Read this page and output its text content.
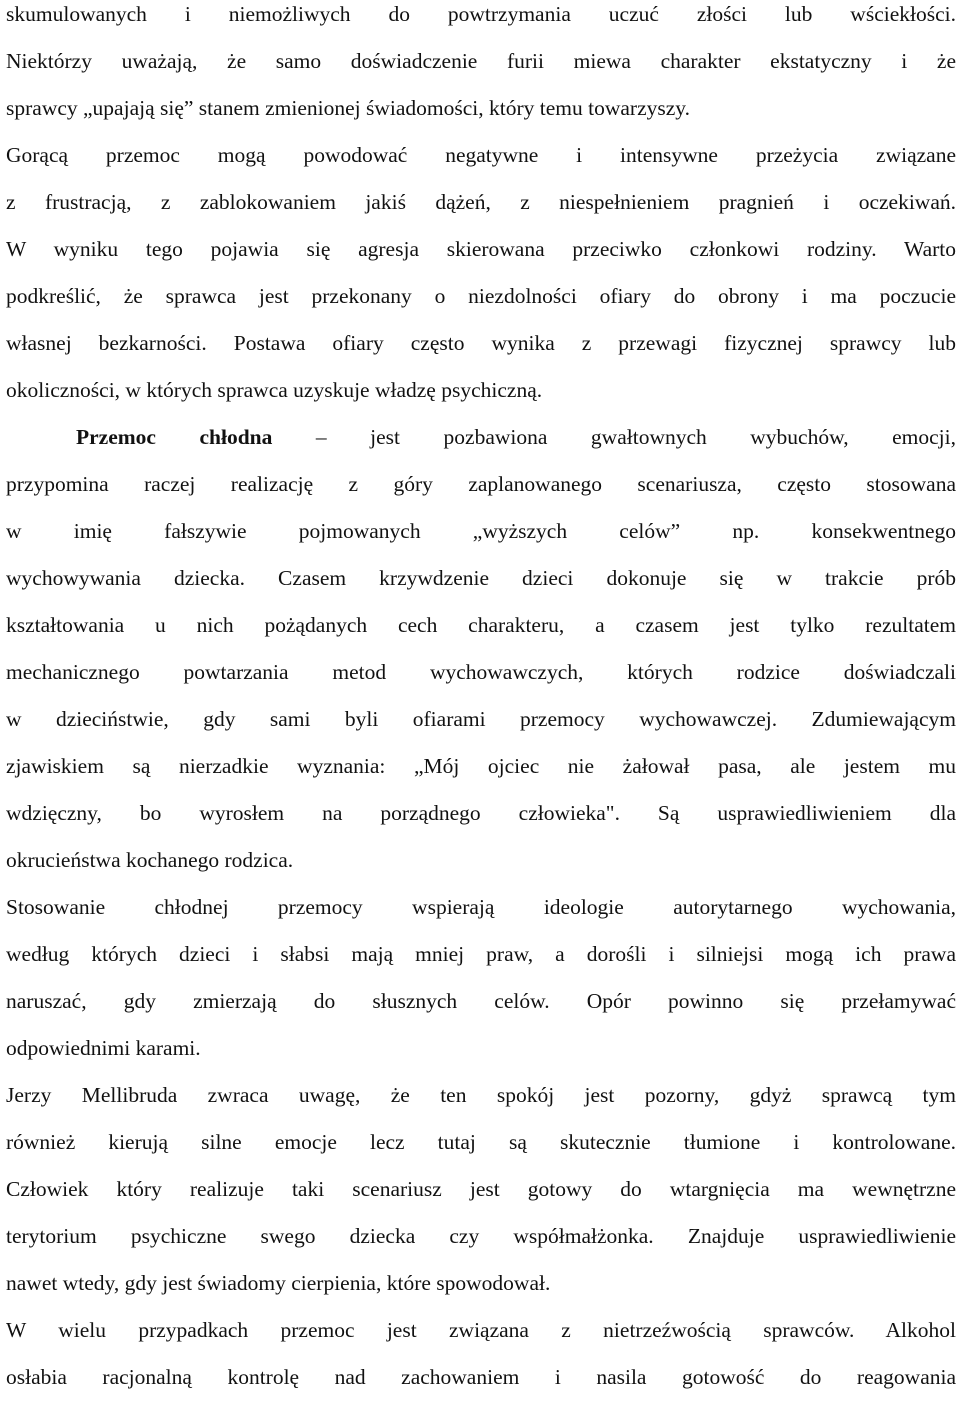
skumulowanych i niemożliwych do powtrzymania uczuć złości lub wściekłości.
Niektórzy uważają, że samo doświadczenie furii miewa charakter ekstatyczny i że
sprawcy „upajają się” stanem zmienionej świadomości, który temu towarzyszy.
Gorącą przemoc mogą powodować negatywne i intensywne przeżycia związane
z frustracją, z zablokowaniem jakiś dążeń, z niespełnieniem pragnień i oczekiwań.
W wyniku tego pojawia się agresja skierowana przeciwko członkowi rodziny. Warto
podkreślić, że sprawca jest przekonany o niezdolności ofiary do obrony i ma poczucie
własnej bezkarności. Postawa ofiary często wynika z przewagi fizycznej sprawcy lub
okoliczności, w których sprawca uzyskuje władzę psychiczną.
Przemoc chłodna – jest pozbawiona gwałtownych wybuchów, emocji,
przypomina raczej realizację z góry zaplanowanego scenariusza, często stosowana
w imię fałszywie pojmowanych „wyższych celów” np. konsekwentnego
wychowywania dziecka. Czasem krzywdzenie dzieci dokonuje się w trakcie prób
kształtowania u nich pożądanych cech charakteru, a czasem jest tylko rezultatem
mechanicznego powtarzania metod wychowawczych, których rodzice doświadczali
w dzieciństwie, gdy sami byli ofiarami przemocy wychowawczej. Zdumiewającym
zjawiskiem są nierzadkie wyznania: „Mój ojciec nie żałował pasa, ale jestem mu
wdzięczny, bo wyrosłem na porządnego człowieka". Są usprawiedliwieniem dla
okrucieństwa kochanego rodzica.
Stosowanie chłodnej przemocy wspierają ideologie autorytarnego wychowania,
według których dzieci i słabsi mają mniej praw, a dorośli i silniejsi mogą ich prawa
naruszać, gdy zmierzają do słusznych celów. Opór powinno się przełamywać
odpowiednimi karami.
Jerzy Mellibruda zwraca uwagę, że ten spokój jest pozorny, gdyż sprawcą tym
również kierują silne emocje lecz tutaj są skutecznie tłumione i kontrolowane.
Człowiek który realizuje taki scenariusz jest gotowy do wtargnięcia ma wewnętrzne
terytorium psychiczne swego dziecka czy współmałżonka. Znajduje usprawiedliwienie
nawet wtedy, gdy jest świadomy cierpienia, które spowodował.
W wielu przypadkach przemoc jest związana z nietrzeźwością sprawców. Alkohol
osłabia racjonalną kontrolę nad zachowaniem i nasila gotowość do reagowania
